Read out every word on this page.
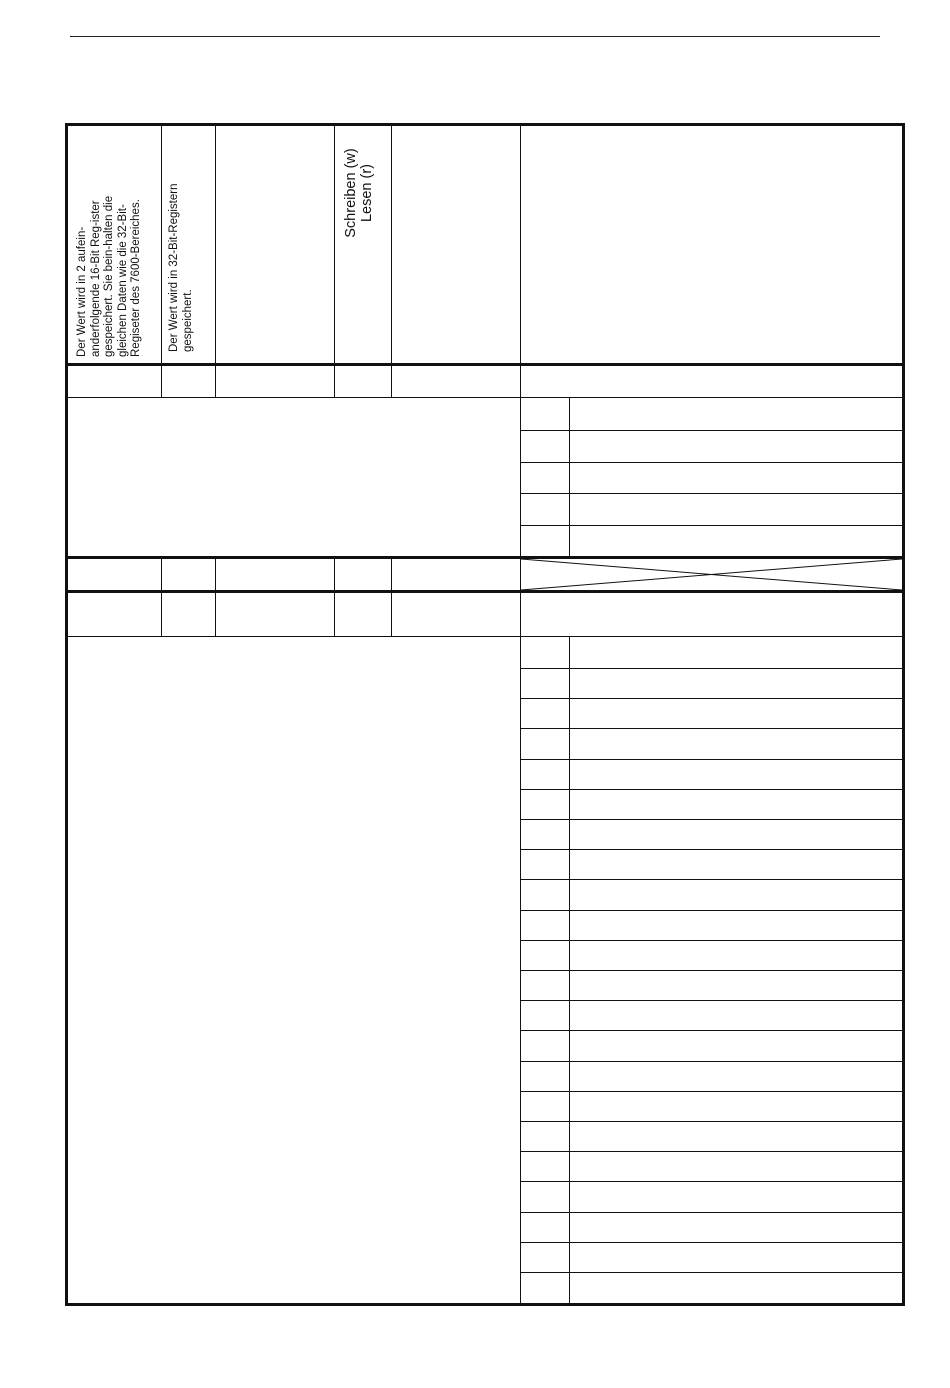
Der Wert wird in 2 aufein-
anderfolgende 16-Bit Reg-ister
gespeichert. Sie bein-halten die
gleichen Daten wie die 32-Bit-
Regiseter des 7600-Bereiches.
Der Wert wird in 32-Bit-Registern
gespeichert.
Schreiben (w)
Lesen (r)
